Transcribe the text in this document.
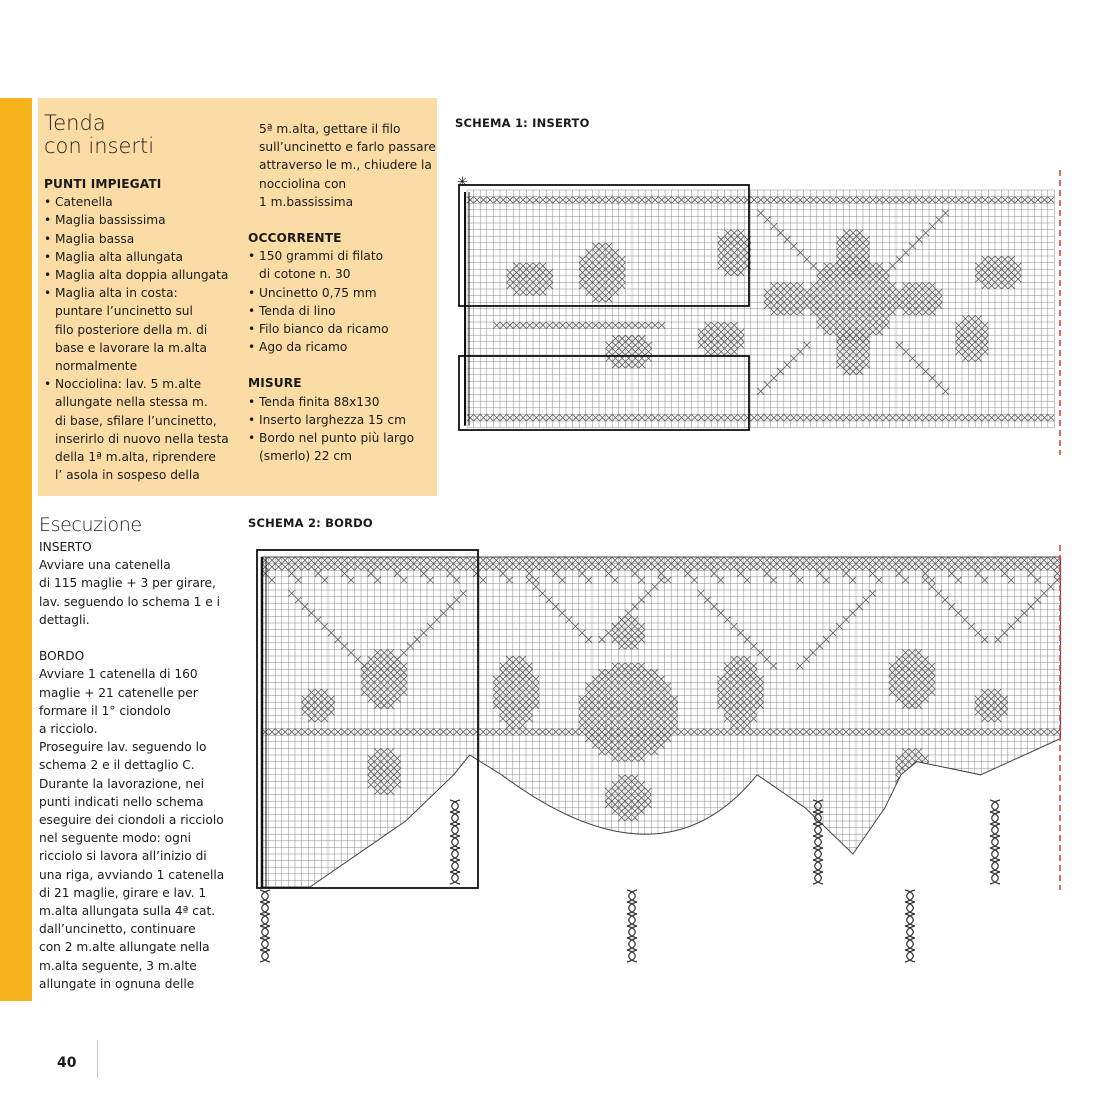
Tenda
con inserti
PUNTI IMPIEGATI
• Catenella
• Maglia bassissima
• Maglia bassa
• Maglia alta allungata
• Maglia alta doppia allungata
• Maglia alta in costa:
puntare l’uncinetto sul
filo posteriore della m. di
base e lavorare la m.alta
normalmente
• Nocciolina: lav. 5 m.alte
allungate nella stessa m.
di base, sfilare l’uncinetto,
inserirlo di nuovo nella testa
della 1ª m.alta, riprendere
l’ asola in sospeso della
5ª m.alta, gettare il filo
sull’uncinetto e farlo passare
attraverso le m., chiudere la
nocciolina con
1 m.bassissima
OCCORRENTE
• 150 grammi di filato
di cotone n. 30
• Uncinetto 0,75 mm
• Tenda di lino
• Filo bianco da ricamo
• Ago da ricamo
MISURE
• Tenda finita 88x130
• Inserto larghezza 15 cm
• Bordo nel punto più largo
(smerlo) 22 cm
SCHEMA 1: INSERTO
SCHEMA 2: BORDO
Esecuzione

INSERTO

Avviare una catenella

di 115 maglie + 3 per girare,

lav. seguendo lo schema 1 e i

dettagli.

BORDO

Avviare 1 catenella di 160

maglie + 21 catenelle per

formare il 1° ciondolo

a ricciolo.

Proseguire lav. seguendo lo

schema 2 e il dettaglio C.

Durante la lavorazione, nei

punti indicati nello schema

eseguire dei ciondoli a ricciolo

nel seguente modo: ogni

ricciolo si lavora all’inizio di

una riga, avviando 1 catenella

di 21 maglie, girare e lav. 1

m.alta allungata sulla 4ª cat.

dall’uncinetto, continuare

con 2 m.alte allungate nella

m.alta seguente, 3 m.alte

allungate in ognuna delle

✳
40
